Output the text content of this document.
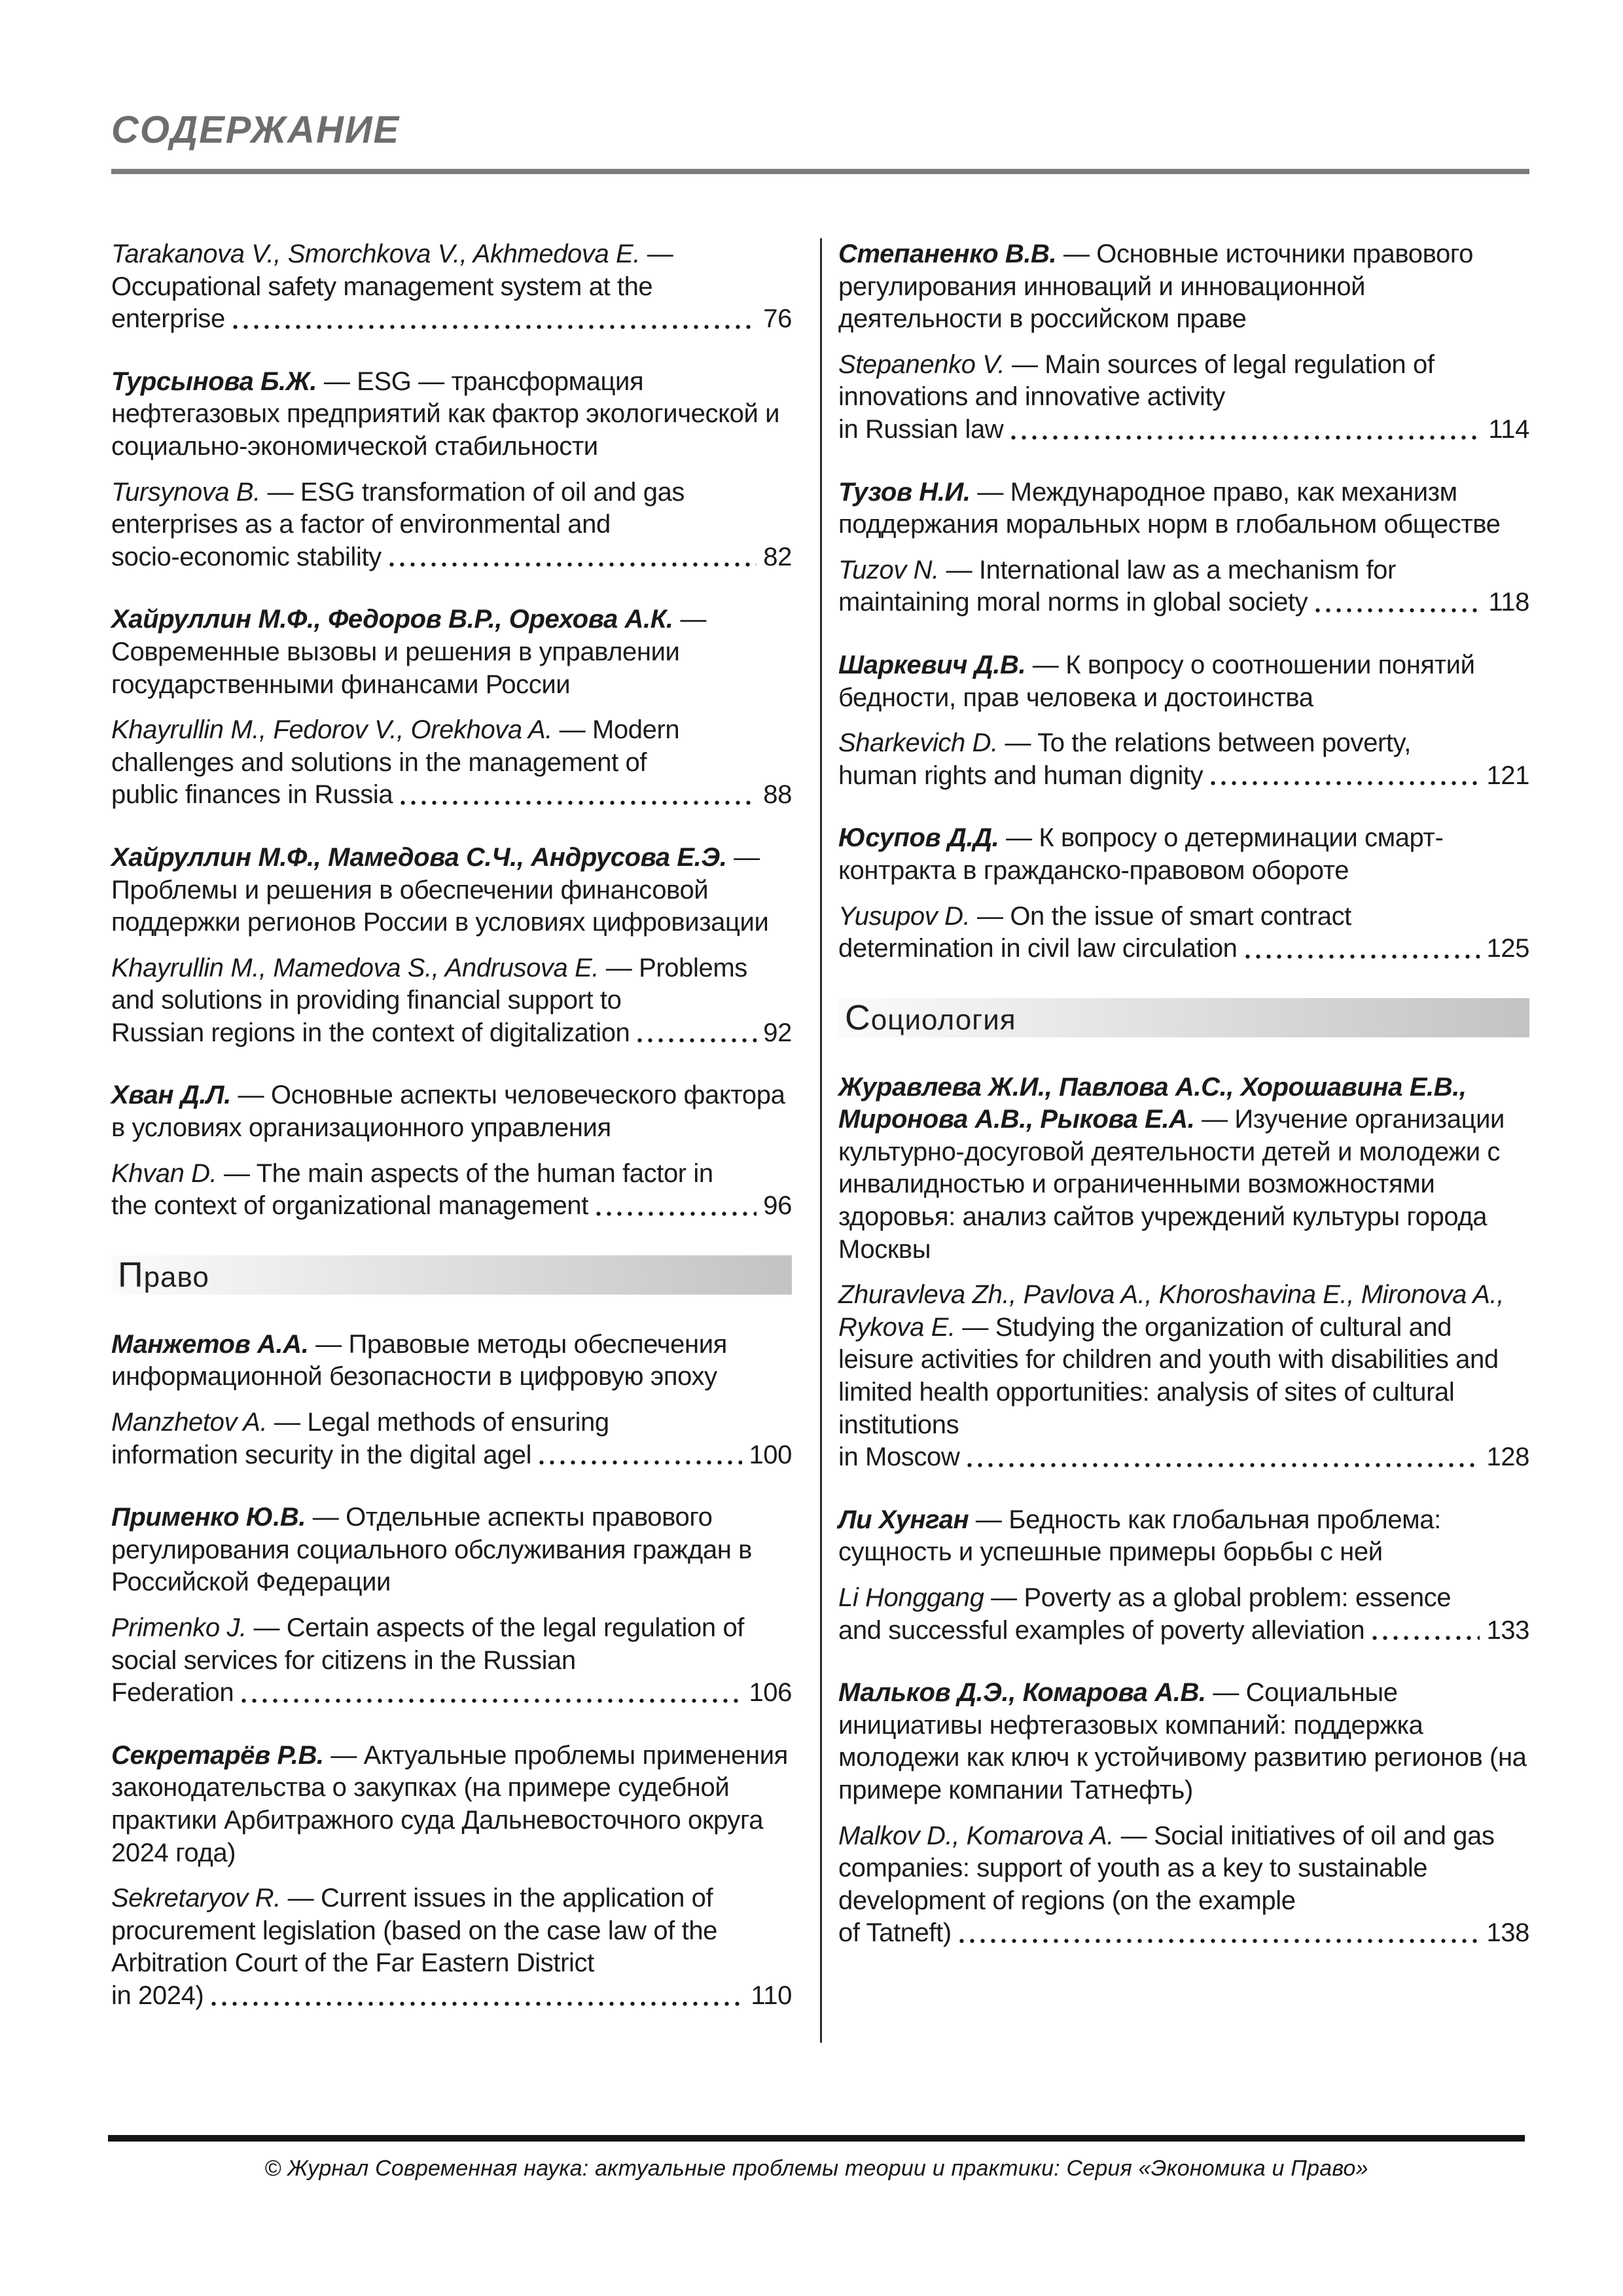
СОДЕРЖАНИЕ

Tarakanova V., Smorchkova V., Akhmedova E. — Occupational safety management system at the

enterprise	76

Турсынова Б.Ж. — ESG — трансформация нефтегазовых предприятий как фактор экологической и социально-экономической стабильности

Tursynova B. — ESG transformation of oil and gas enterprises as a factor of environmental and

socio-economic stability	82

Хайруллин М.Ф., Федоров В.Р., Орехова А.К. — Современные вызовы и решения в управлении государственными финансами России

Khayrullin M., Fedorov V., Orekhova A. — Modern challenges and solutions in the management of

public finances in Russia	88

Хайруллин М.Ф., Мамедова С.Ч., Андрусова Е.Э. — Проблемы и решения в обеспечении финансовой поддержки регионов России в условиях цифровизации

Khayrullin M., Mamedova S., Andrusova E. — Problems and solutions in providing financial support to

Russian regions in the context of digitalization	92

Хван Д.Л. — Основные аспекты человеческого фактора в условиях организационного управления

Khvan D. — The main aspects of the human factor in

the context of organizational management	96
Право

Манжетов А.А. — Правовые методы обеспечения информационной безопасности в цифровую эпоху

Manzhetov A. — Legal methods of ensuring

information security in the digital agel	100

Применко Ю.В. — Отдельные аспекты правового регулирования социального обслуживания граждан в Российской Федерации

Primenko J. — Certain aspects of the legal regulation of social services for citizens in the Russian

Federation	106

Секретарёв Р.В. — Актуальные проблемы применения законодательства о закупках (на примере судебной практики Арбитражного суда Дальневосточного округа 2024 года)

Sekretaryov R. — Current issues in the application of procurement legislation (based on the case law of the Arbitration Court of the Far Eastern District

in 2024)	110

Степаненко В.В. — Основные источники правового регулирования инноваций и инновационной деятельности в российском праве

Stepanenko V. — Main sources of legal regulation of innovations and innovative activity

in Russian law	114

Тузов Н.И. — Международное право, как механизм поддержания моральных норм в глобальном обществе

Tuzov N. — International law as a mechanism for

maintaining moral norms in global society	118

Шаркевич Д.В. — К вопросу о соотношении понятий бедности, прав человека и достоинства

Sharkevich D. — To the relations between poverty,

human rights and human dignity	121

Юсупов Д.Д. — К вопросу о детерминации смарт-контракта в гражданско-правовом обороте

Yusupov D. — On the issue of smart contract

determination in civil law circulation	125
Социология

Журавлева Ж.И., Павлова А.С., Хорошавина Е.В., Миронова А.В., Рыкова Е.А. — Изучение организации культурно-досуговой деятельности детей и молодежи с инвалидностью и ограниченными возможностями здоровья: анализ сайтов учреждений культуры города Москвы

Zhuravleva Zh., Pavlova A., Khoroshavina E., Mironova A., Rykova E. — Studying the organization of cultural and leisure activities for children and youth with disabilities and limited health opportunities: analysis of sites of cultural institutions

in Moscow	128

Ли Хунган — Бедность как глобальная проблема: сущность и успешные примеры борьбы с ней

Li Honggang — Poverty as a global problem: essence

and successful examples of poverty alleviation	133

Мальков Д.Э., Комарова А.В. — Социальные инициативы нефтегазовых компаний: поддержка молодежи как ключ к устойчивому развитию регионов (на примере компании Татнефть)

Malkov D., Komarova A. — Social initiatives of oil and gas companies: support of youth as a key to sustainable development of regions (on the example

of Tatneft)	138
© Журнал Современная наука: актуальные проблемы теории и практики: Серия «Экономика и Право»
